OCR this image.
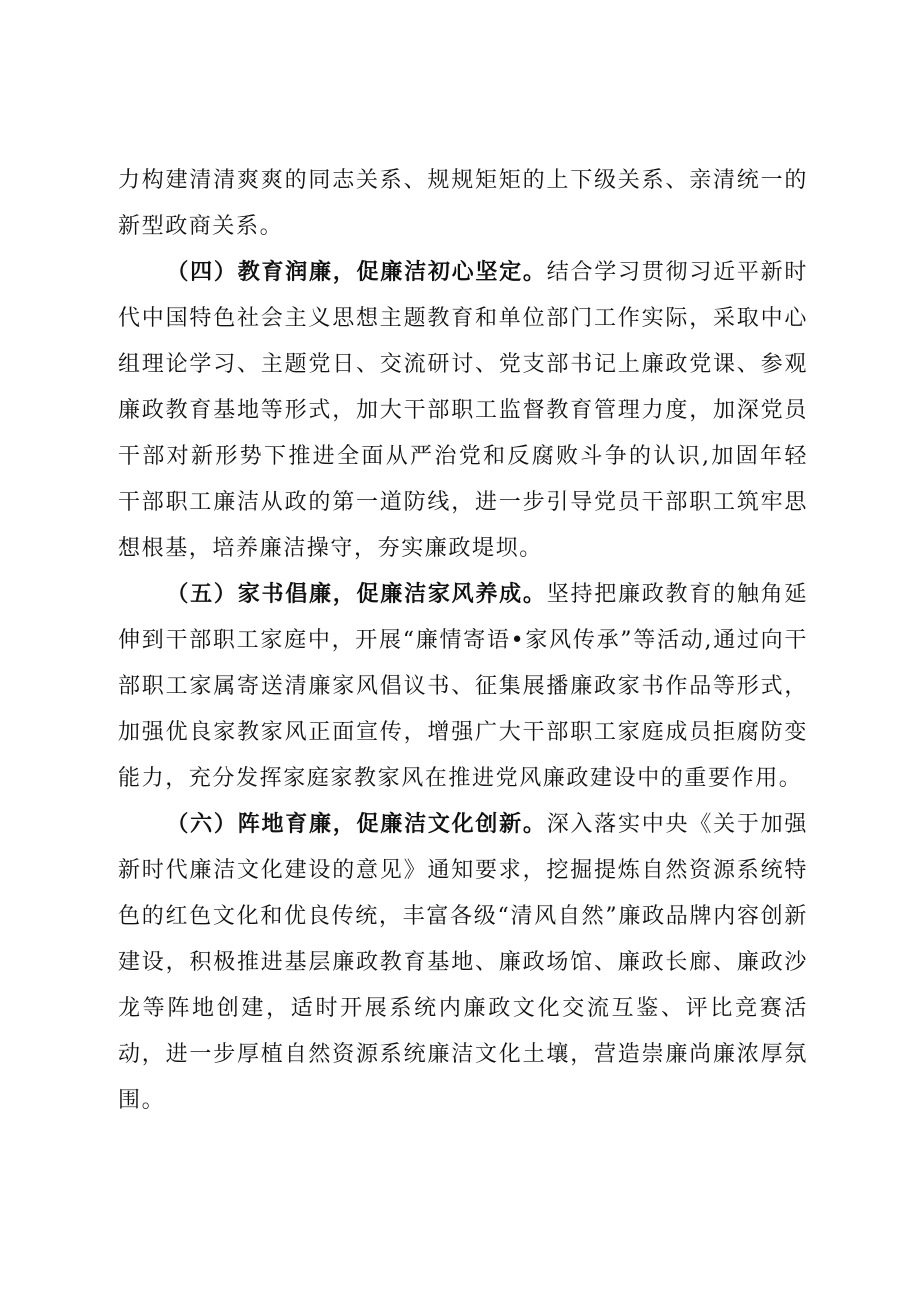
力构建清清爽爽的同志关系、规规矩矩的上下级关系、亲清统一的新型政商关系。

（四）教育润廉，促廉洁初心坚定。结合学习贯彻习近平新时代中国特色社会主义思想主题教育和单位部门工作实际，采取中心组理论学习、主题党日、交流研讨、党支部书记上廉政党课、参观廉政教育基地等形式，加大干部职工监督教育管理力度，加深党员干部对新形势下推进全面从严治党和反腐败斗争的认识,加固年轻干部职工廉洁从政的第一道防线，进一步引导党员干部职工筑牢思想根基，培养廉洁操守，夯实廉政堤坝。

（五）家书倡廉，促廉洁家风养成。坚持把廉政教育的触角延伸到干部职工家庭中，开展“廉情寄语•家风传承”等活动,通过向干部职工家属寄送清廉家风倡议书、征集展播廉政家书作品等形式，加强优良家教家风正面宣传，增强广大干部职工家庭成员拒腐防变能力，充分发挥家庭家教家风在推进党风廉政建设中的重要作用。

（六）阵地育廉，促廉洁文化创新。深入落实中央《关于加强新时代廉洁文化建设的意见》通知要求，挖掘提炼自然资源系统特色的红色文化和优良传统，丰富各级“清风自然”廉政品牌内容创新建设，积极推进基层廉政教育基地、廉政场馆、廉政长廊、廉政沙龙等阵地创建，适时开展系统内廉政文化交流互鉴、评比竞赛活动，进一步厚植自然资源系统廉洁文化土壤，营造崇廉尚廉浓厚氛围。
